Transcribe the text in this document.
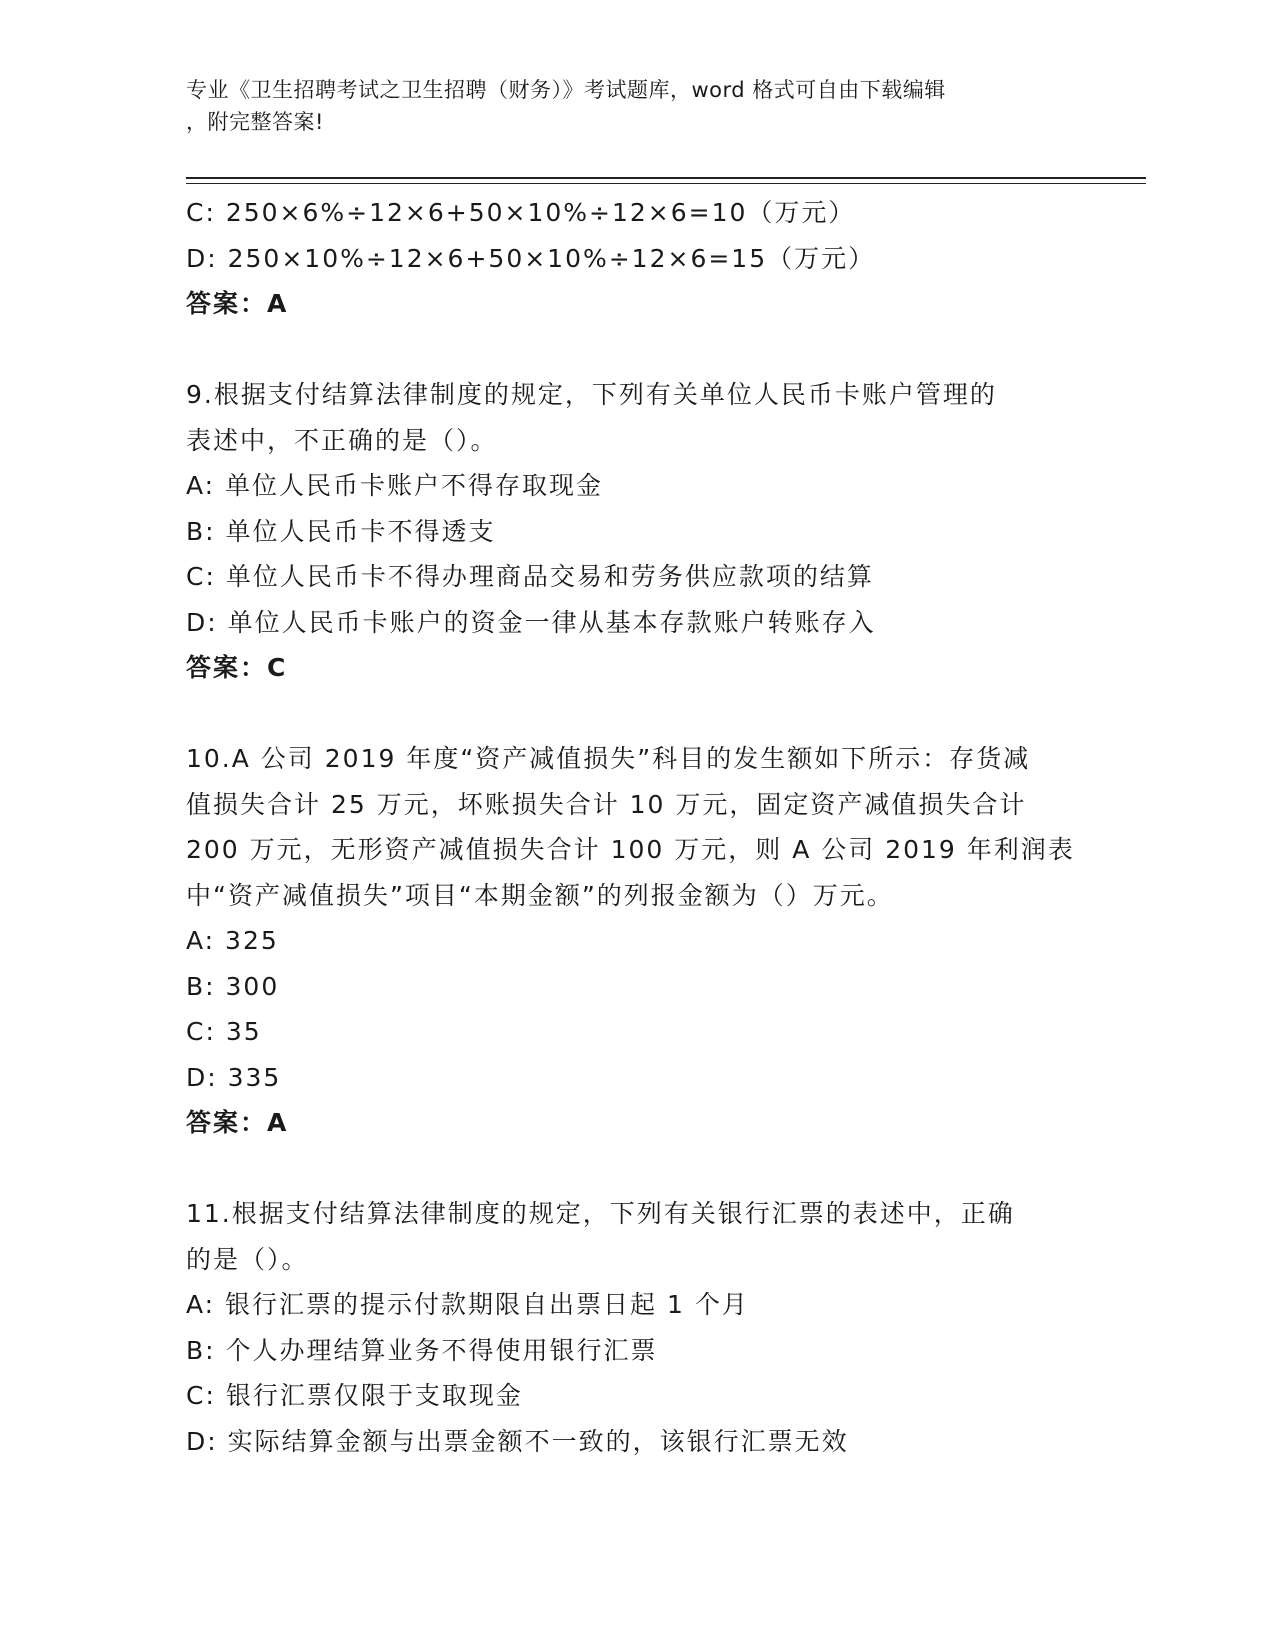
专业《卫生招聘考试之卫生招聘（财务）》考试题库，word 格式可自由下载编辑
，附完整答案!
C: 250×6%÷12×6+50×10%÷12×6=10（万元）
D: 250×10%÷12×6+50×10%÷12×6=15（万元）
答案：A
9.根据支付结算法律制度的规定，下列有关单位人民币卡账户管理的
表述中，不正确的是（）。
A: 单位人民币卡账户不得存取现金
B: 单位人民币卡不得透支
C: 单位人民币卡不得办理商品交易和劳务供应款项的结算
D: 单位人民币卡账户的资金一律从基本存款账户转账存入
答案：C
10.A 公司 2019 年度“资产减值损失”科目的发生额如下所示：存货减
值损失合计 25 万元，坏账损失合计 10 万元，固定资产减值损失合计
200 万元，无形资产减值损失合计 100 万元，则 A 公司 2019 年利润表
中“资产减值损失”项目“本期金额”的列报金额为（）万元。
A: 325
B: 300
C: 35
D: 335
答案：A
11.根据支付结算法律制度的规定，下列有关银行汇票的表述中，正确
的是（）。
A: 银行汇票的提示付款期限自出票日起 1 个月
B: 个人办理结算业务不得使用银行汇票
C: 银行汇票仅限于支取现金
D: 实际结算金额与出票金额不一致的，该银行汇票无效
